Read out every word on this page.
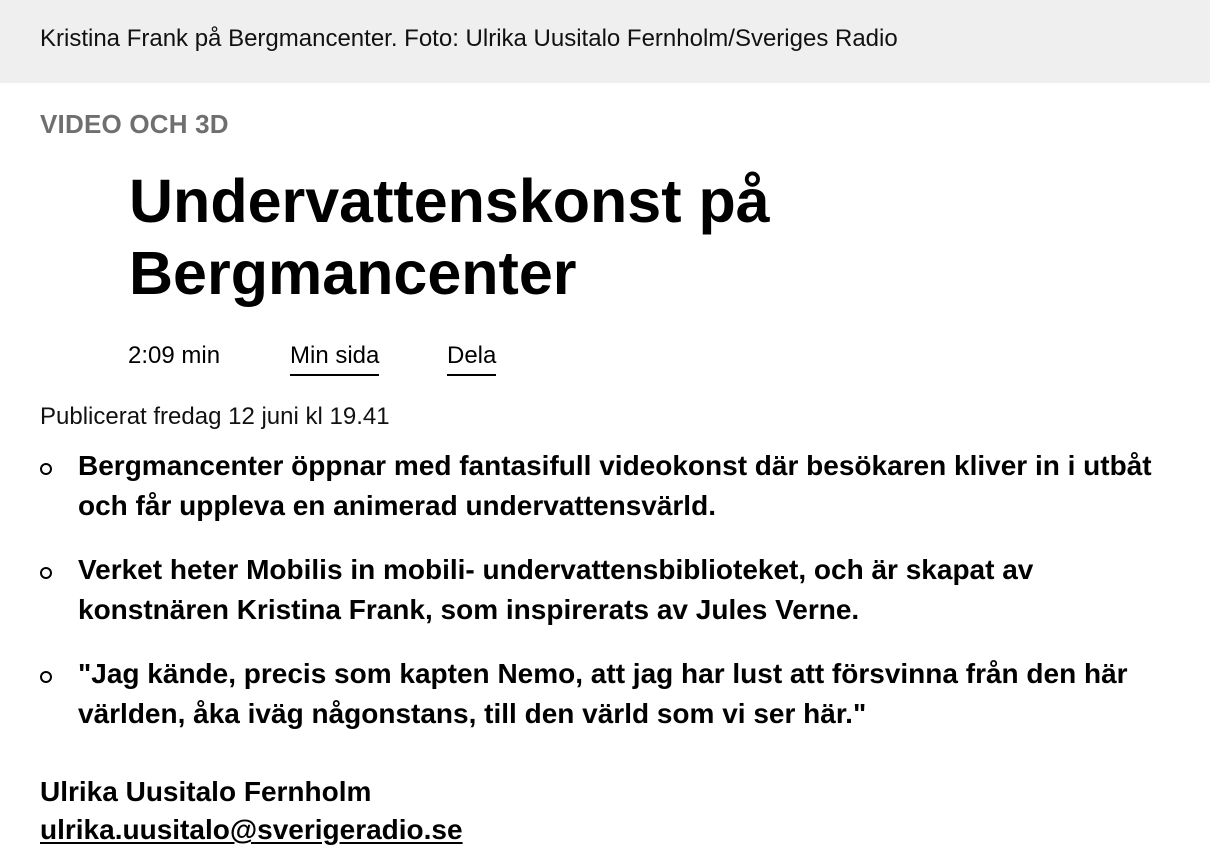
Kristina Frank på Bergmancenter. Foto: Ulrika Uusitalo Fernholm/Sveriges Radio
VIDEO OCH 3D
Undervattenskonst på Bergmancenter
2:09 min	Min sida	Dela
Publicerat fredag 12 juni kl 19.41
Bergmancenter öppnar med fantasifull videokonst där besökaren kliver in i utbåt och får uppleva en animerad undervattensvärld.
Verket heter Mobilis in mobili- undervattensbiblioteket, och är skapat av konstnären Kristina Frank, som inspirerats av Jules Verne.
"Jag kände, precis som kapten Nemo, att jag har lust att försvinna från den här världen, åka iväg någonstans, till den värld som vi ser här."
Ulrika Uusitalo Fernholm
ulrika.uusitalo@sverigeradio.se
